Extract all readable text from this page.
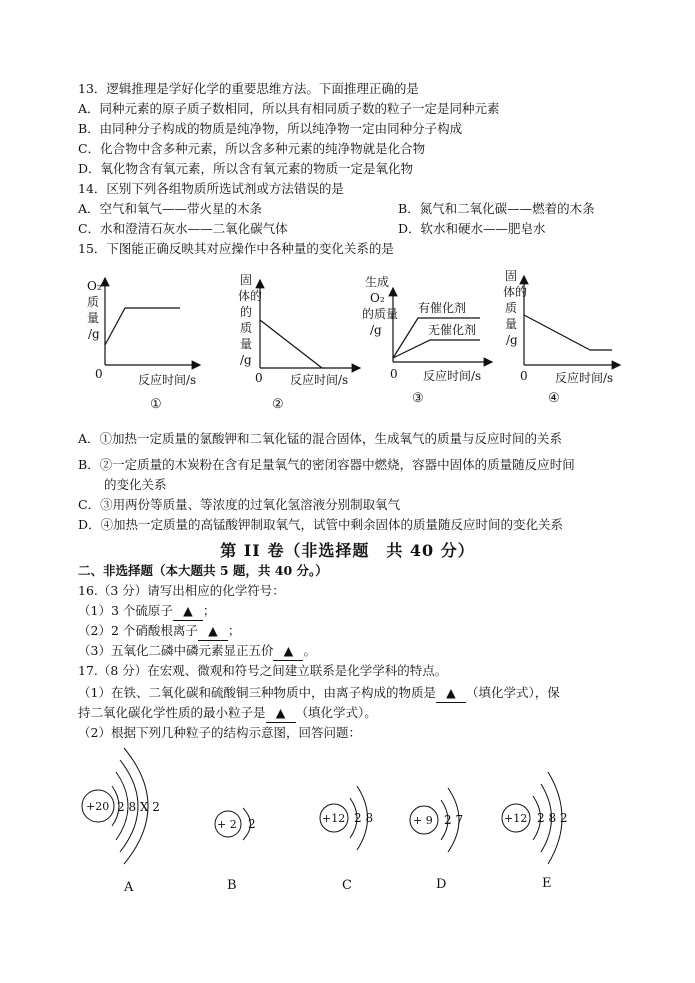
13．逻辑推理是学好化学的重要思维方法。下面推理正确的是
A．同种元素的原子质子数相同，所以具有相同质子数的粒子一定是同种元素
B．由同种分子构成的物质是纯净物，所以纯净物一定由同种分子构成
C．化合物中含多种元素，所以含多种元素的纯净物就是化合物
D．氧化物含有氧元素，所以含有氧元素的物质一定是氧化物
14．区别下列各组物质所选试剂或方法错误的是
A．空气和氧气——带火星的木条	B．氮气和二氧化碳——燃着的木条
C．水和澄清石灰水——二氧化碳气体	D．软水和硬水——肥皂水
15．下图能正确反映其对应操作中各种量的变化关系的是
O₂
质
量
/g
0	反应时间/s
①
固
体的
的
质
量
/g
0 反应时间/s
②
生成
O₂
的质量
/g
有催化剂
无催化剂
0 反应时间/s
③
固
体的
质
量
/g
0 反应时间/s
④
+20 2 8 X 2
A
+ 2 2
B
+12 2 8
C
+ 9 2 7
D
+12 2 8 2
E
A．①加热一定质量的氯酸钾和二氧化锰的混合固体，生成氧气的质量与反应时间的关系
B．②一定质量的木炭粉在含有足量氧气的密闭容器中燃烧，容器中固体的质量随反应时间
的变化关系
C．③用两份等质量、等浓度的过氧化氢溶液分别制取氧气
D．④加热一定质量的高锰酸钾制取氧气，试管中剩余固体的质量随反应时间的变化关系
第 II 卷（非选择题　共 40 分）
二、非选择题（本大题共 5 题，共 40 分。）
16.（3 分）请写出相应的化学符号：
（1）3 个硫原子 ▲ ；
（2）2 个硝酸根离子 ▲ ；
（3）五氧化二磷中磷元素显正五价 ▲ 。
17.（8 分）在宏观、微观和符号之间建立联系是化学学科的特点。
（1）在铁、二氧化碳和硫酸铜三种物质中，由离子构成的物质是 ▲ （填化学式），保
持二氧化碳化学性质的最小粒子是 ▲ （填化学式）。
（2）根据下列几种粒子的结构示意图，回答问题：
